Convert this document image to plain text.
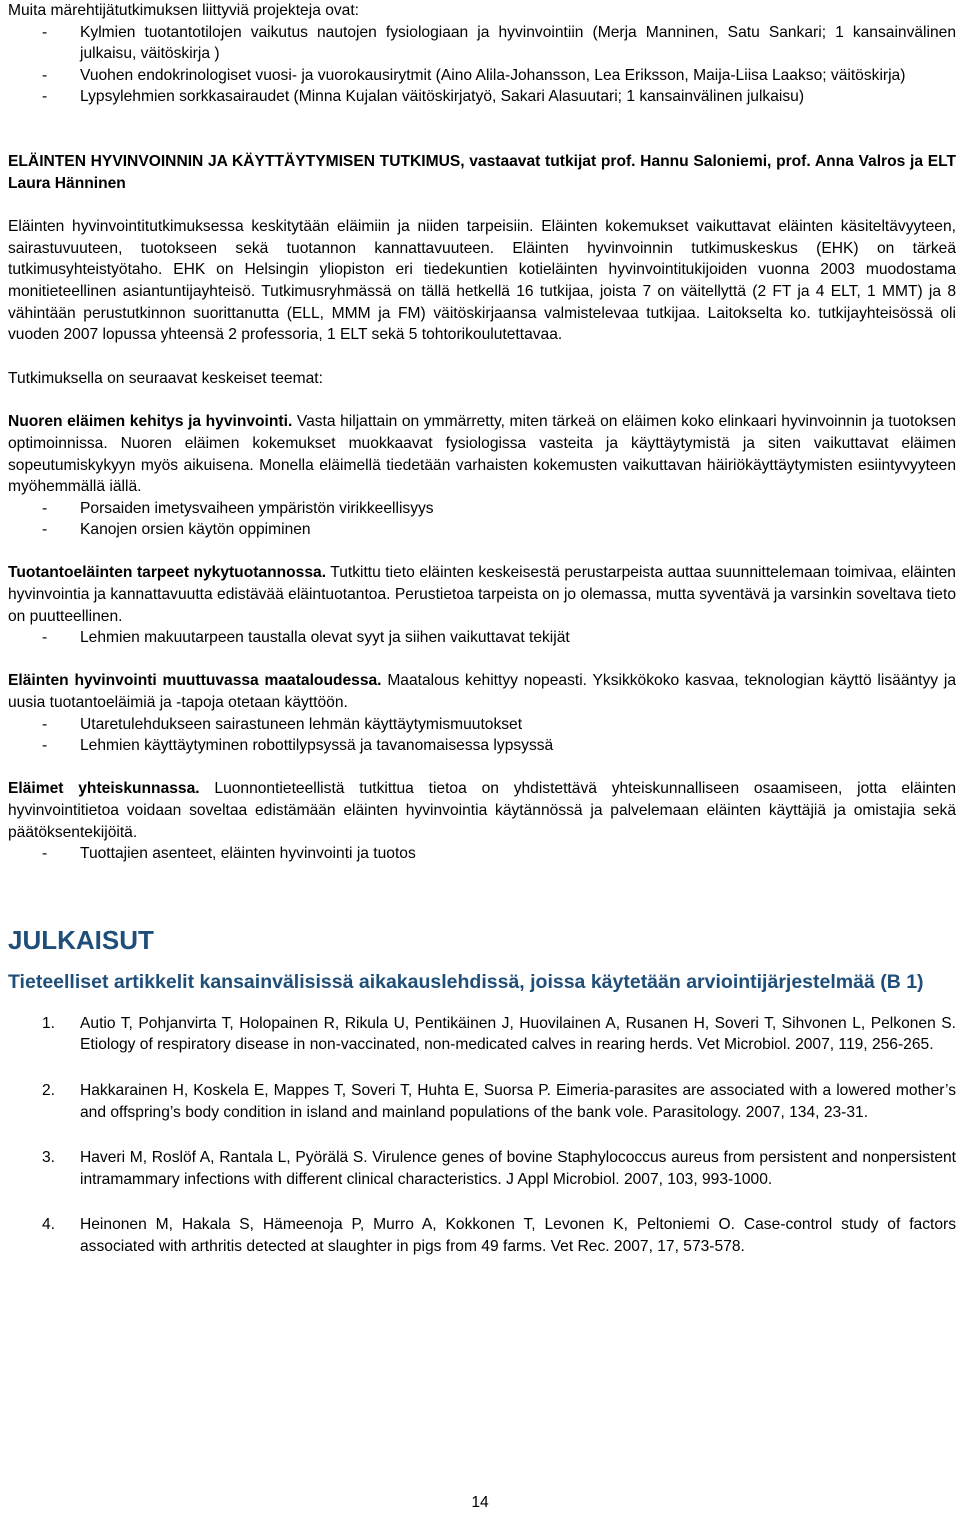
Muita märehtijätutkimuksen liittyviä projekteja ovat:

- Kylmien tuotantotilojen vaikutus nautojen fysiologiaan ja hyvinvointiin (Merja Manninen, Satu Sankari; 1 kansainvälinen julkaisu, väitöskirja )
- Vuohen endokrinologiset vuosi- ja vuorokausirytmit (Aino Alila-Johansson, Lea Eriksson, Maija-Liisa Laakso; väitöskirja)
- Lypsylehmien sorkkasairaudet (Minna Kujalan väitöskirjatyö, Sakari Alasuutari; 1 kansainvälinen julkaisu)

ELÄINTEN HYVINVOINNIN JA KÄYTTÄYTYMISEN TUTKIMUS, vastaavat tutkijat prof. Hannu Saloniemi, prof. Anna Valros ja ELT Laura Hänninen

Eläinten hyvinvointitutkimuksessa keskitytään eläimiin ja niiden tarpeisiin. Eläinten kokemukset vaikuttavat eläinten käsiteltävyyteen, sairastuvuuteen, tuotokseen sekä tuotannon kannattavuuteen. Eläinten hyvinvoinnin tutkimuskeskus (EHK) on tärkeä tutkimusyhteistyötaho. EHK on Helsingin yliopiston eri tiedekuntien kotieläinten hyvinvointitukijoiden vuonna 2003 muodostama monitieteellinen asiantuntijayhteisö. Tutkimusryhmässä on tällä hetkellä 16 tutkijaa, joista 7 on väitellyttä (2 FT ja 4 ELT, 1 MMT) ja 8 vähintään perustutkinnon suorittanutta (ELL, MMM ja FM) väitöskirjaansa valmistelevaa tutkijaa. Laitokselta ko. tutkijayhteisössä oli vuoden 2007 lopussa yhteensä 2 professoria, 1 ELT sekä 5 tohtorikoulutettavaa.

Tutkimuksella on seuraavat keskeiset teemat:

Nuoren eläimen kehitys ja hyvinvointi. Vasta hiljattain on ymmärretty, miten tärkeä on eläimen koko elinkaari hyvinvoinnin ja tuotoksen optimoinnissa. Nuoren eläimen kokemukset muokkaavat fysiologissa vasteita ja käyttäytymistä ja siten vaikuttavat eläimen sopeutumiskykyyn myös aikuisena. Monella eläimellä tiedetään varhaisten kokemusten vaikuttavan häiriökäyttäytymisten esiintyvyyteen myöhemmällä iällä.

- Porsaiden imetysvaiheen ympäristön virikkeellisyys
- Kanojen orsien käytön oppiminen

Tuotantoeläinten tarpeet nykytuotannossa. Tutkittu tieto eläinten keskeisestä perustarpeista auttaa suunnittelemaan toimivaa, eläinten hyvinvointia ja kannattavuutta edistävää eläintuotantoa. Perustietoa tarpeista on jo olemassa, mutta syventävä ja varsinkin soveltava tieto on puutteellinen.

- Lehmien makuutarpeen taustalla olevat syyt ja siihen vaikuttavat tekijät

Eläinten hyvinvointi muuttuvassa maataloudessa. Maatalous kehittyy nopeasti. Yksikkökoko kasvaa, teknologian käyttö lisääntyy ja uusia tuotantoeläimiä ja -tapoja otetaan käyttöön.

- Utaretulehdukseen sairastuneen lehmän käyttäytymismuutokset
- Lehmien käyttäytyminen robottilypsyssä ja tavanomaisessa lypsyssä

Eläimet yhteiskunnassa. Luonnontieteellistä tutkittua tietoa on yhdistettävä yhteiskunnalliseen osaamiseen, jotta eläinten hyvinvointitietoa voidaan soveltaa edistämään eläinten hyvinvointia käytännössä ja palvelemaan eläinten käyttäjiä ja omistajia sekä päätöksentekijöitä.

- Tuottajien asenteet, eläinten hyvinvointi ja tuotos

JULKAISUT

Tieteelliset artikkelit kansainvälisissä aikakauslehdissä, joissa käytetään arviointijärjestelmää (B 1)

1. Autio T, Pohjanvirta T, Holopainen R, Rikula U, Pentikäinen J, Huovilainen A, Rusanen H, Soveri T, Sihvonen L, Pelkonen S. Etiology of respiratory disease in non-vaccinated, non-medicated calves in rearing herds. Vet Microbiol. 2007, 119, 256-265.
2. Hakkarainen H, Koskela E, Mappes T, Soveri T, Huhta E, Suorsa P. Eimeria-parasites are associated with a lowered mother’s and offspring’s body condition in island and mainland populations of the bank vole. Parasitology. 2007, 134, 23-31.
3. Haveri M, Roslöf A, Rantala L, Pyörälä S. Virulence genes of bovine Staphylococcus aureus from persistent and nonpersistent intramammary infections with different clinical characteristics. J Appl Microbiol. 2007, 103, 993-1000.
4. Heinonen M, Hakala S, Hämeenoja P, Murro A, Kokkonen T, Levonen K, Peltoniemi O. Case-control study of factors associated with arthritis detected at slaughter in pigs from 49 farms. Vet Rec. 2007, 17, 573-578.
14
